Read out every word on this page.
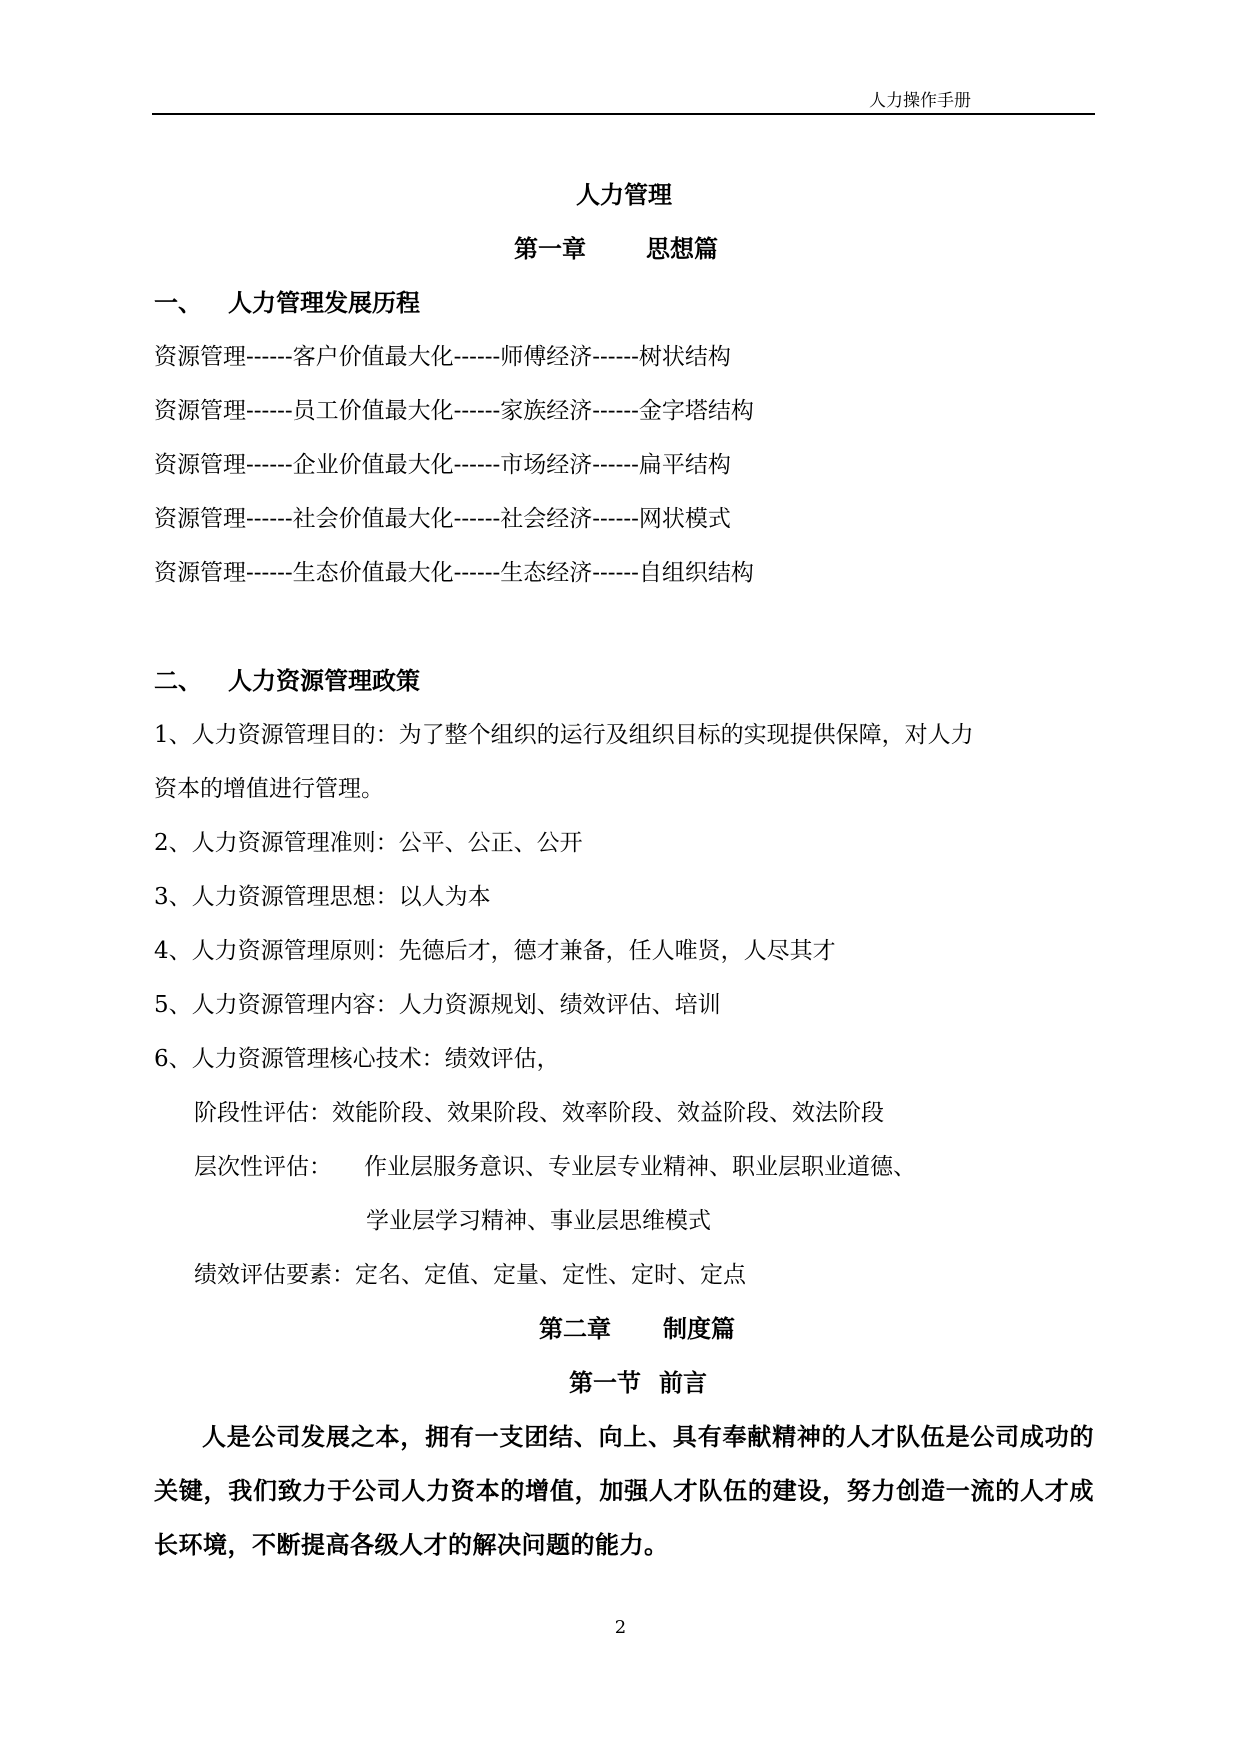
人力操作手册
人力管理
第一章	思想篇
一、 人力管理发展历程
资源管理------客户价值最大化------师傅经济------树状结构
资源管理------员工价值最大化------家族经济------金字塔结构
资源管理------企业价值最大化------市场经济------扁平结构
资源管理------社会价值最大化------社会经济------网状模式
资源管理------生态价值最大化------生态经济------自组织结构
二、 人力资源管理政策
1、人力资源管理目的：为了整个组织的运行及组织目标的实现提供保障，对人力
资本的增值进行管理。
2、人力资源管理准则：公平、公正、公开
3、人力资源管理思想：以人为本
4、人力资源管理原则：先德后才，德才兼备，任人唯贤，人尽其才
5、人力资源管理内容：人力资源规划、绩效评估、培训
6、人力资源管理核心技术：绩效评估，
阶段性评估：效能阶段、效果阶段、效率阶段、效益阶段、效法阶段
层次性评估： 作业层服务意识、专业层专业精神、职业层职业道德、
学业层学习精神、事业层思维模式
绩效评估要素：定名、定值、定量、定性、定时、定点
第二章 制度篇
第一节 前言
人是公司发展之本，拥有一支团结、向上、具有奉献精神的人才队伍是公司成功的关键，我们致力于公司人力资本的增值，加强人才队伍的建设，努力创造一流的人才成长环境，不断提高各级人才的解决问题的能力。
2
